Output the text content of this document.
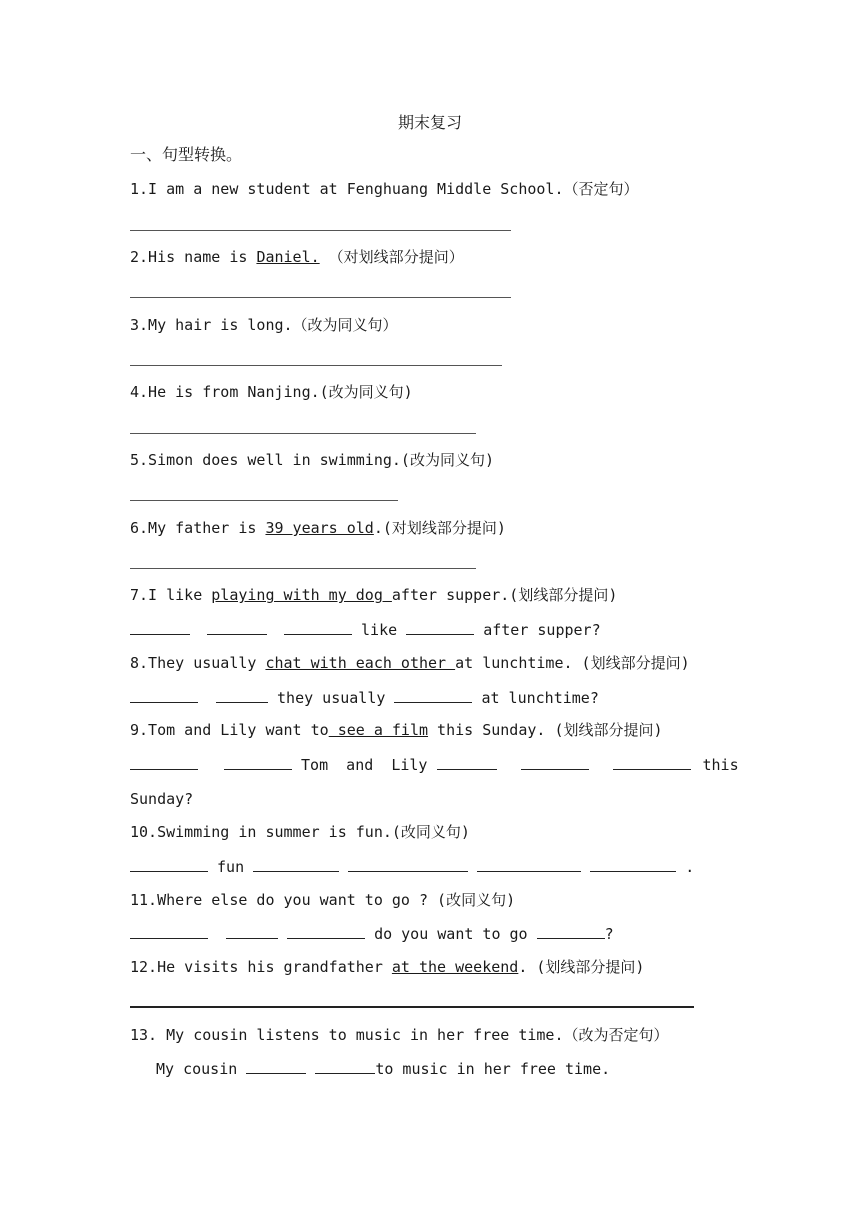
期末复习
一、句型转换。
1.I am a new student at Fenghuang Middle School.（否定句）
2.His name is Daniel. （对划线部分提问）
3.My hair is long.（改为同义句）
4.He is from Nanjing.(改为同义句)
5.Simon does well in swimming.(改为同义句)
6.My father is 39 years old.(对划线部分提问)
7.I like playing with my dog after supper.(划线部分提问)
like	after supper?
8.They usually chat with each other at lunchtime. (划线部分提问)
they usually	at lunchtime?
9.Tom and Lily want to see a film this Sunday. (划线部分提问)
Tom  and  Lily	this
Sunday?
10.Swimming in summer is fun.(改同义句)
fun	.
11.Where else do you want to go ? (改同义句)
do you want to go	?
12.He visits his grandfather at the weekend. (划线部分提问)
13. My cousin listens to music in her free time.（改为否定句）
My cousin	to music in her free time.
